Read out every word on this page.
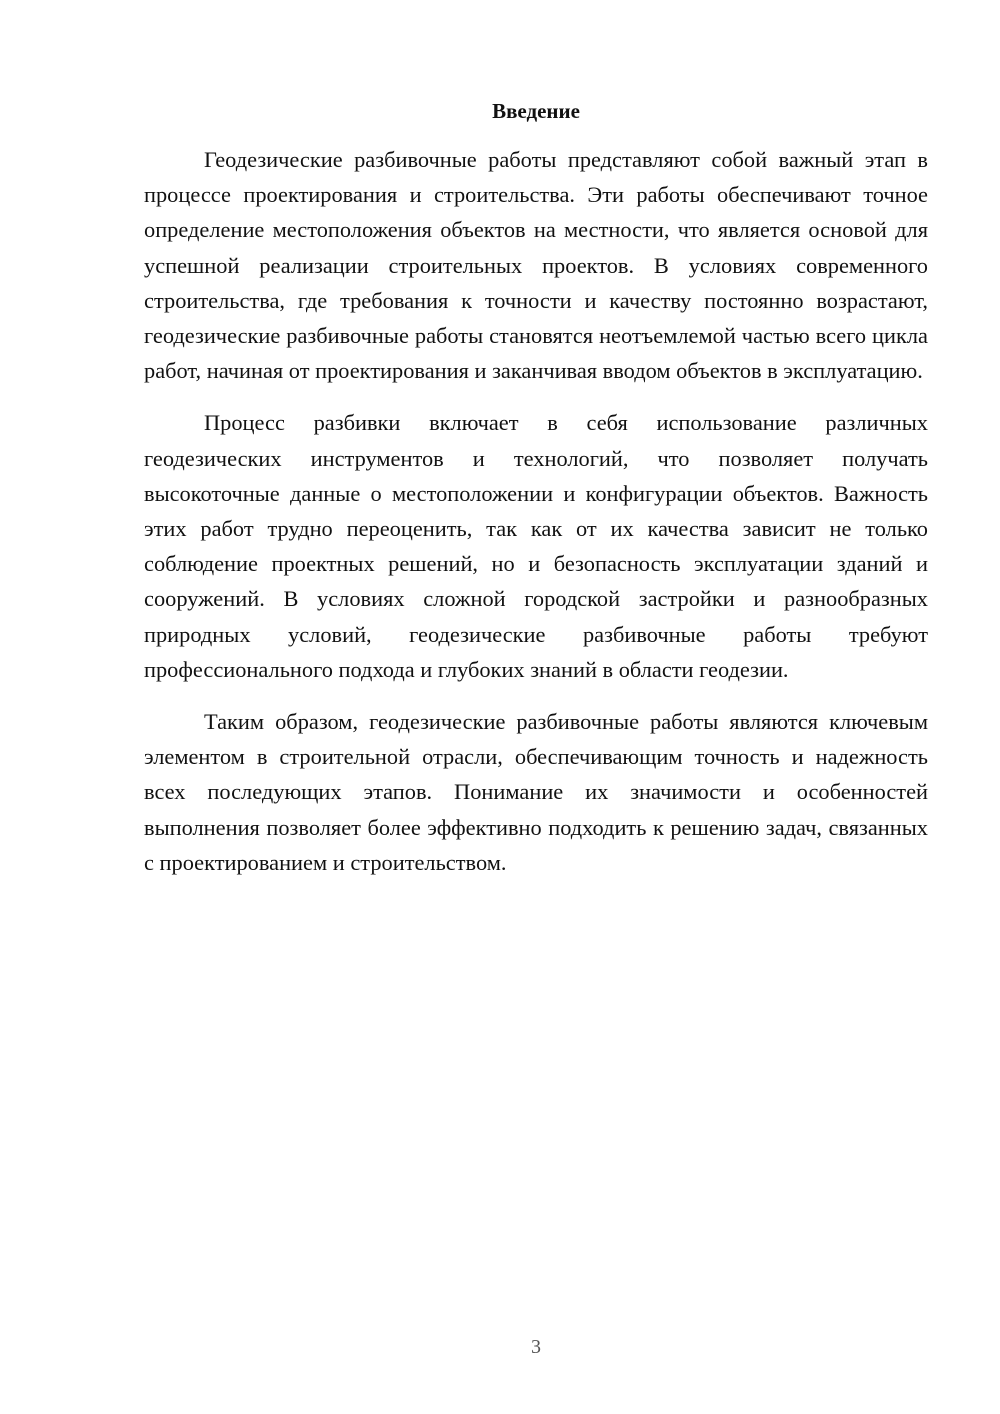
Введение

Геодезические разбивочные работы представляют собой важный этап в процессе проектирования и строительства. Эти работы обеспечивают точное определение местоположения объектов на местности, что является основой для успешной реализации строительных проектов. В условиях современного строительства, где требования к точности и качеству постоянно возрастают, геодезические разбивочные работы становятся неотъемлемой частью всего цикла работ, начиная от проектирования и заканчивая вводом объектов в эксплуатацию.

Процесс разбивки включает в себя использование различных геодезических инструментов и технологий, что позволяет получать высокоточные данные о местоположении и конфигурации объектов. Важность этих работ трудно переоценить, так как от их качества зависит не только соблюдение проектных решений, но и безопасность эксплуатации зданий и сооружений. В условиях сложной городской застройки и разнообразных природных условий, геодезические разбивочные работы требуют профессионального подхода и глубоких знаний в области геодезии.

Таким образом, геодезические разбивочные работы являются ключевым элементом в строительной отрасли, обеспечивающим точность и надежность всех последующих этапов. Понимание их значимости и особенностей выполнения позволяет более эффективно подходить к решению задач, связанных с проектированием и строительством.

3
